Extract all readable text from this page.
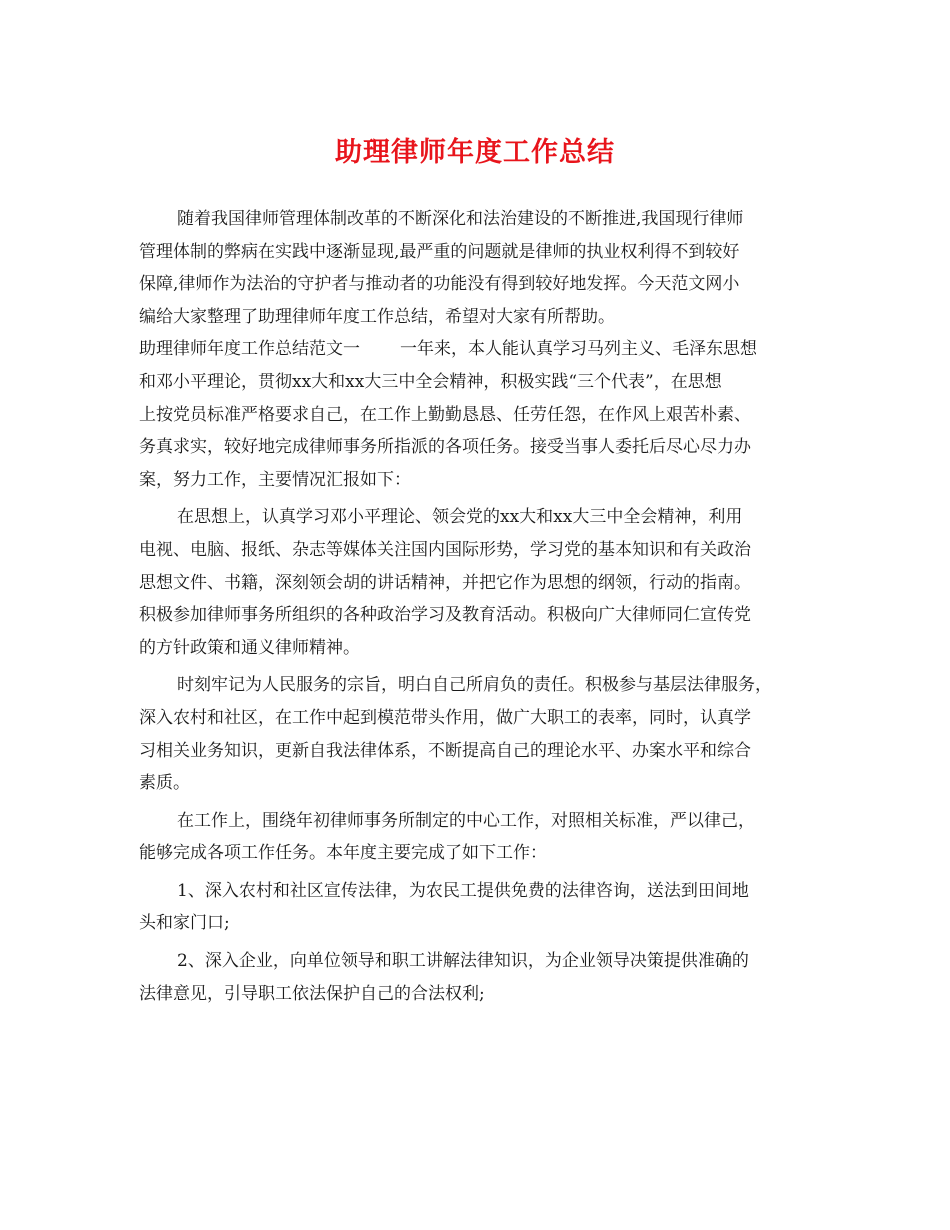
助理律师年度工作总结
随着我国律师管理体制改革的不断深化和法治建设的不断推进,我国现行律师
管理体制的弊病在实践中逐渐显现,最严重的问题就是律师的执业权利得不到较好
保障,律师作为法治的守护者与推动者的功能没有得到较好地发挥。今天范文网小
编给大家整理了助理律师年度工作总结，希望对大家有所帮助。
助理律师年度工作总结范文一 一年来，本人能认真学习马列主义、毛泽东思想
和邓小平理论，贯彻xx大和xx大三中全会精神，积极实践“三个代表”，在思想
上按党员标准严格要求自己，在工作上勤勤恳恳、任劳任怨，在作风上艰苦朴素、
务真求实，较好地完成律师事务所指派的各项任务。接受当事人委托后尽心尽力办
案，努力工作，主要情况汇报如下：
在思想上，认真学习邓小平理论、领会党的xx大和xx大三中全会精神，利用
电视、电脑、报纸、杂志等媒体关注国内国际形势，学习党的基本知识和有关政治
思想文件、书籍，深刻领会胡的讲话精神，并把它作为思想的纲领，行动的指南。
积极参加律师事务所组织的各种政治学习及教育活动。积极向广大律师同仁宣传党
的方针政策和通义律师精神。
时刻牢记为人民服务的宗旨，明白自己所肩负的责任。积极参与基层法律服务，
深入农村和社区，在工作中起到模范带头作用，做广大职工的表率，同时，认真学
习相关业务知识，更新自我法律体系，不断提高自己的理论水平、办案水平和综合
素质。
在工作上，围绕年初律师事务所制定的中心工作，对照相关标准，严以律己，
能够完成各项工作任务。本年度主要完成了如下工作：
1、深入农村和社区宣传法律，为农民工提供免费的法律咨询，送法到田间地
头和家门口;
2、深入企业，向单位领导和职工讲解法律知识，为企业领导决策提供准确的
法律意见，引导职工依法保护自己的合法权利;
